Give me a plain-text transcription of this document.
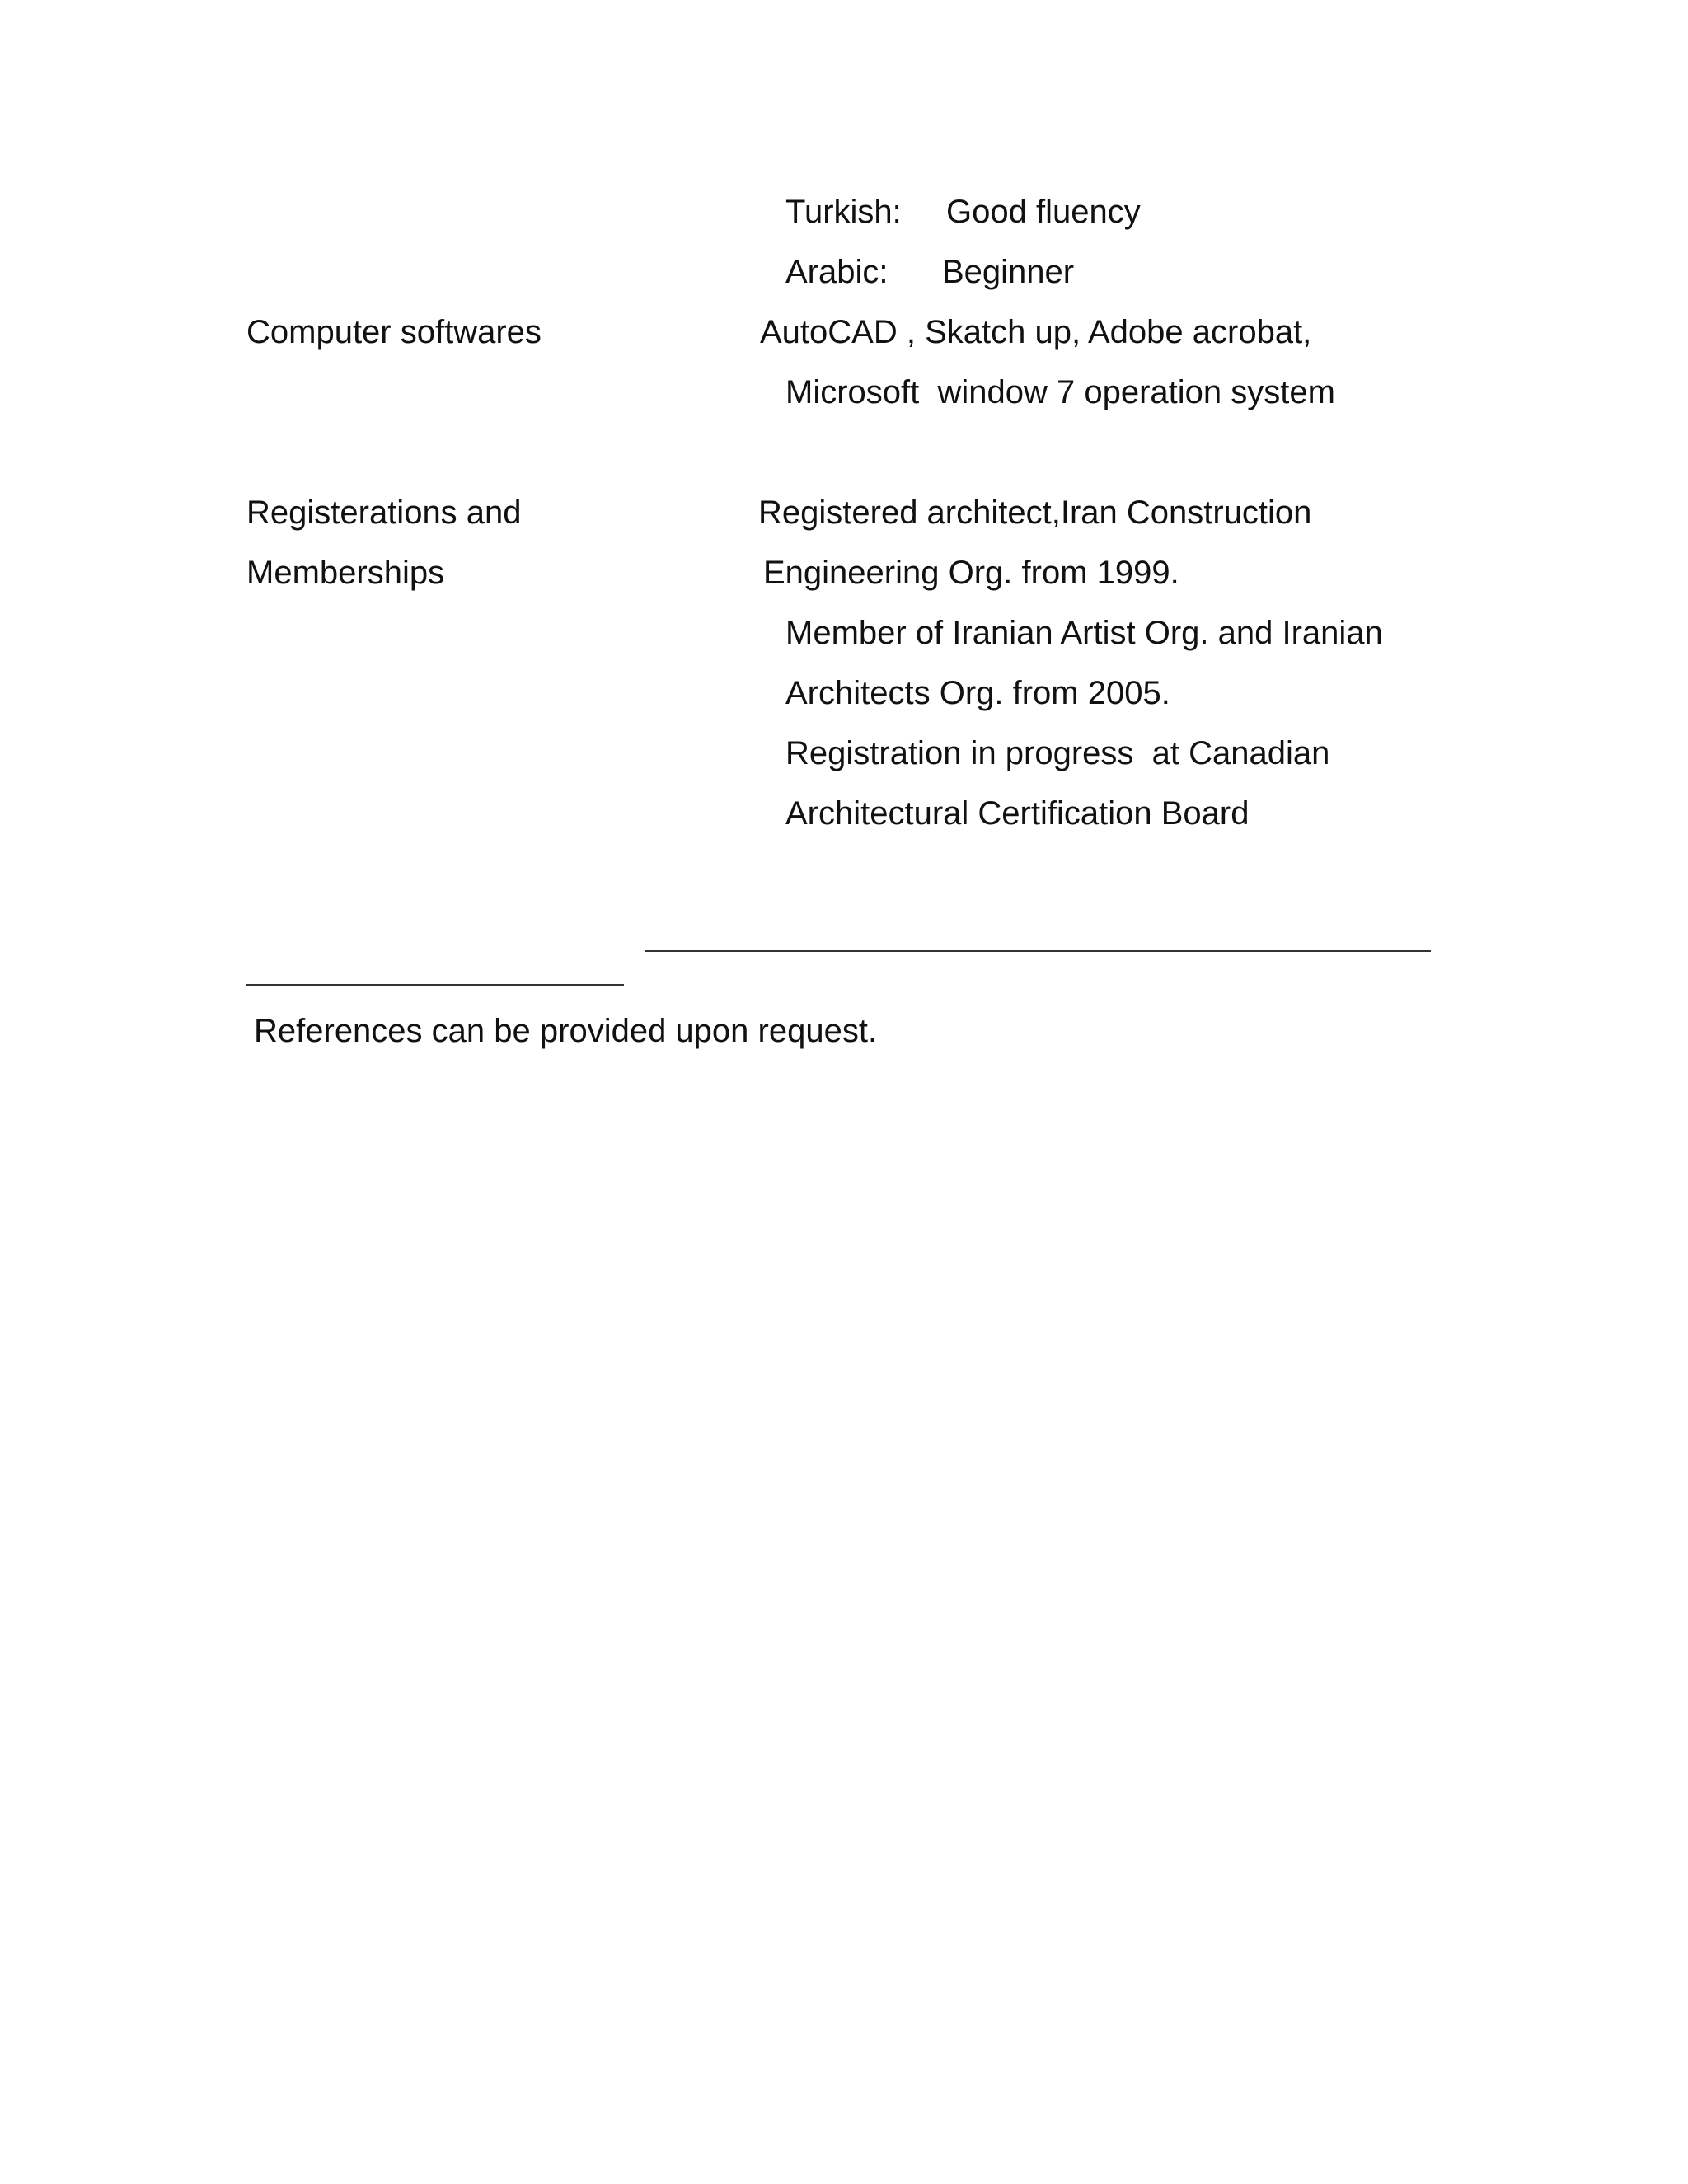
Turkish: Good fluency

Arabic: Beginner

Computer softwares	AutoCAD , Skatch up, Adobe acrobat,

Microsoft  window 7 operation system

Registerations and

Memberships

Registered architect,Iran Construction

Engineering Org. from 1999.

Member of Iranian Artist Org. and Iranian

Architects Org. from 2005.

Registration in progress  at Canadian

Architectural Certification Board

References can be provided upon request.
